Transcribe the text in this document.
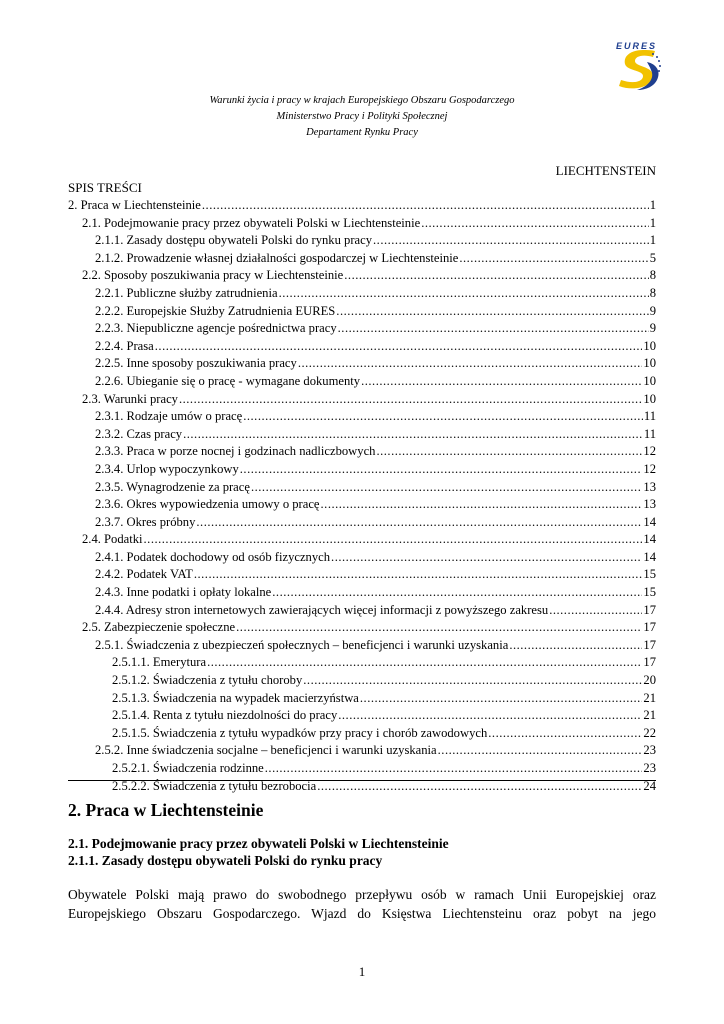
EURES
Warunki życia i pracy w krajach Europejskiego Obszaru Gospodarczego
Ministerstwo Pracy i Polityki Społecznej
Departament Rynku Pracy
LIECHTENSTEIN
SPIS TREŚCI
2. Praca w Liechtensteinie .....	1
2.1. Podejmowanie pracy przez obywateli Polski w Liechtensteinie .....	1
2.1.1. Zasady dostępu obywateli Polski do rynku pracy .....	1
2.1.2. Prowadzenie własnej działalności gospodarczej w Liechtensteinie .....	5
2.2. Sposoby poszukiwania pracy w Liechtensteinie .....	8
2.2.1. Publiczne służby zatrudnienia .....	8
2.2.2. Europejskie Służby Zatrudnienia EURES .....	9
2.2.3. Niepubliczne agencje pośrednictwa pracy .....	9
2.2.4. Prasa .....	10
2.2.5. Inne sposoby poszukiwania pracy .....	10
2.2.6. Ubieganie się o pracę - wymagane dokumenty .....	10
2.3. Warunki pracy .....	10
2.3.1. Rodzaje umów o pracę .....	11
2.3.2. Czas pracy .....	11
2.3.3. Praca w porze nocnej i godzinach nadliczbowych .....	12
2.3.4. Urlop wypoczynkowy .....	12
2.3.5. Wynagrodzenie za pracę .....	13
2.3.6. Okres wypowiedzenia umowy o pracę .....	13
2.3.7. Okres próbny .....	14
2.4. Podatki .....	14
2.4.1. Podatek dochodowy od osób fizycznych .....	14
2.4.2. Podatek VAT .....	15
2.4.3. Inne podatki i opłaty lokalne .....	15
2.4.4. Adresy stron internetowych zawierających więcej informacji z powyższego zakresu .....	17
2.5. Zabezpieczenie społeczne .....	17
2.5.1. Świadczenia z ubezpieczeń społecznych – beneficjenci i warunki uzyskania .....	17
2.5.1.1. Emerytura .....	17
2.5.1.2. Świadczenia z tytułu choroby .....	20
2.5.1.3. Świadczenia na wypadek macierzyństwa .....	21
2.5.1.4. Renta z tytułu niezdolności do pracy .....	21
2.5.1.5. Świadczenia z tytułu wypadków przy pracy i chorób zawodowych .....	22
2.5.2. Inne świadczenia socjalne – beneficjenci i warunki uzyskania .....	23
2.5.2.1. Świadczenia rodzinne .....	23
2.5.2.2. Świadczenia z tytułu bezrobocia .....	24
2. Praca w Liechtensteinie
2.1. Podejmowanie pracy przez obywateli Polski w Liechtensteinie
2.1.1. Zasady dostępu obywateli Polski do rynku pracy
Obywatele Polski mają prawo do swobodnego przepływu osób w ramach Unii Europejskiej oraz
Europejskiego Obszaru Gospodarczego. Wjazd do Księstwa Liechtensteinu oraz pobyt na jego
1
